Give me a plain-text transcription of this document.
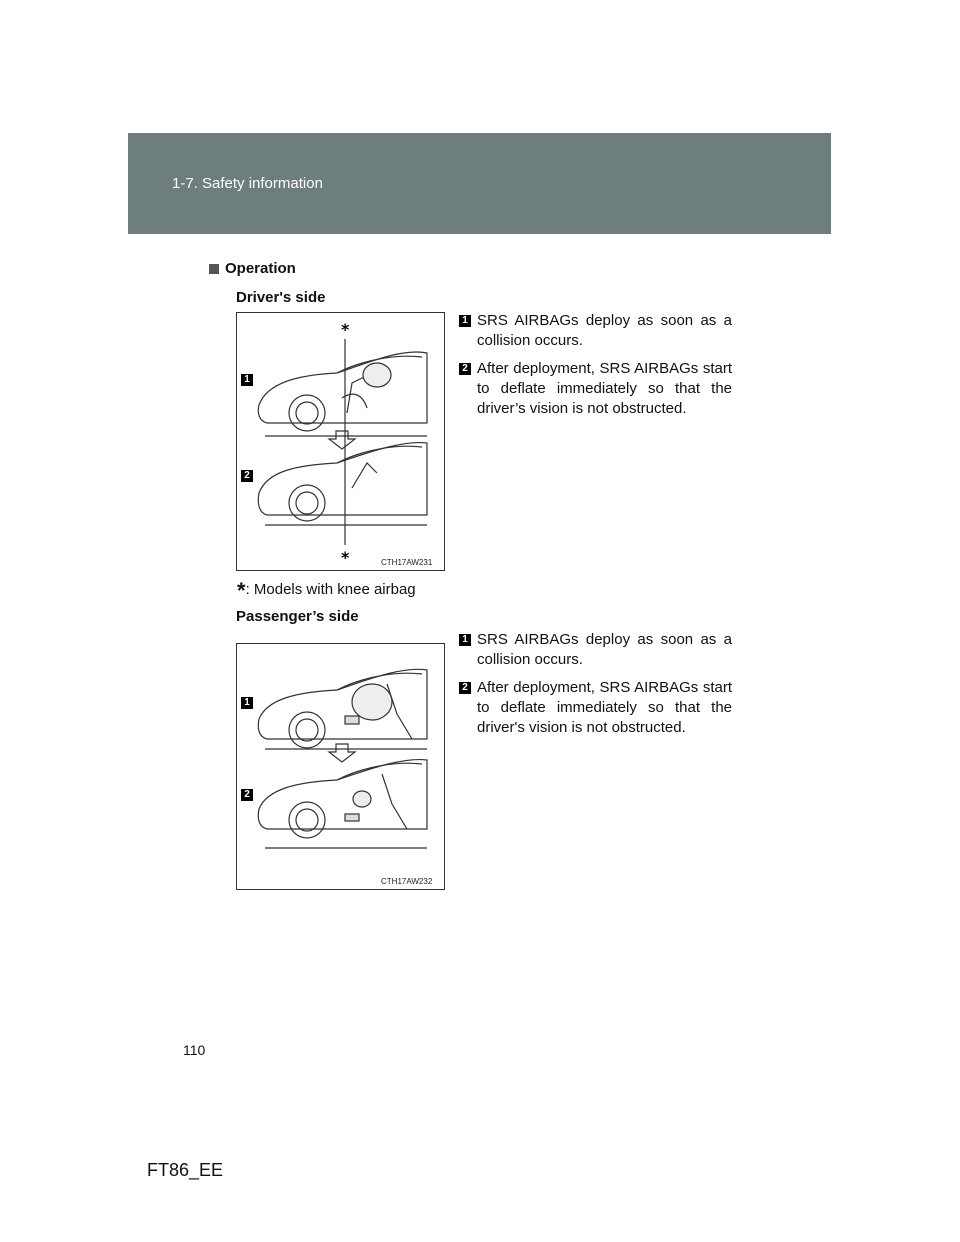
1-7. Safety information
Operation
Driver's side
*
*
1
2
CTH17AW231
1 SRS AIRBAGs deploy as soon as a collision occurs.
2 After deployment, SRS AIRBAGs start to deflate immediately so that the driver’s vision is not obstructed.
*: Models with knee airbag
Passenger’s side
1
2
CTH17AW232
1 SRS AIRBAGs deploy as soon as a collision occurs.
2 After deployment, SRS AIRBAGs start to deflate immediately so that the driver's vision is not obstructed.
110
FT86_EE
